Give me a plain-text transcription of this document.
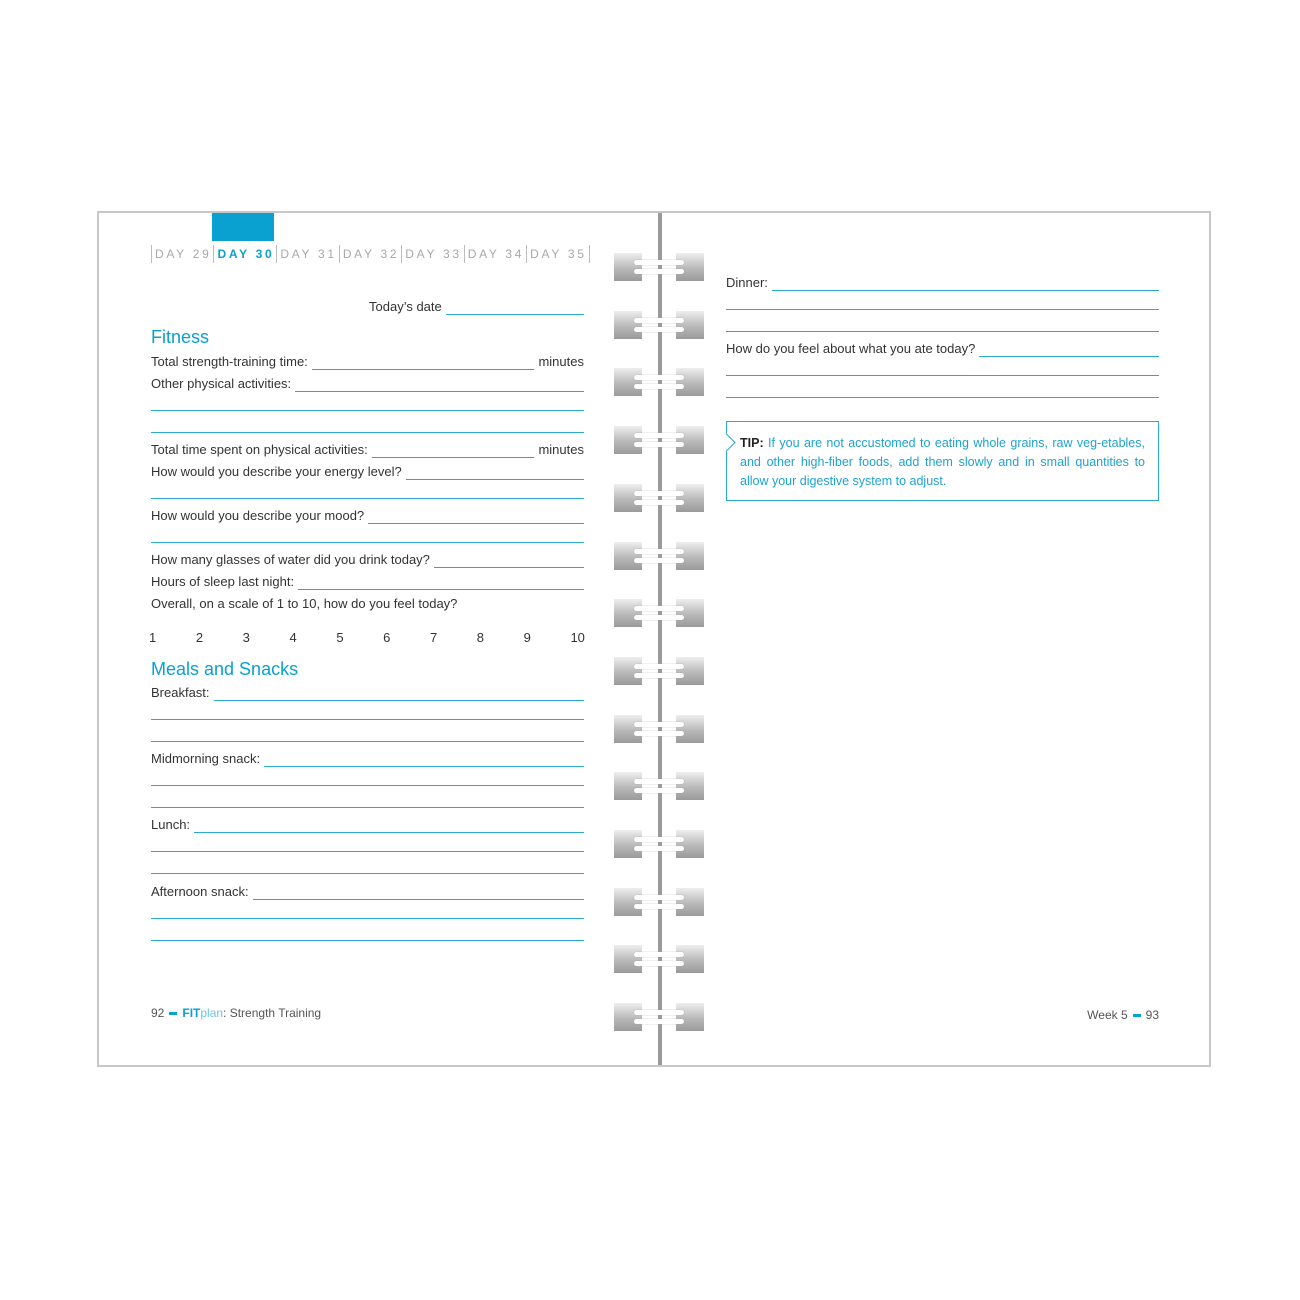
DAY 29 DAY 30 DAY 31 DAY 32 DAY 33 DAY 34 DAY 35
Today’s date
Fitness
Total strength-training time:	minutes
Other physical activities:
Total time spent on physical activities:	minutes
How would you describe your energy level?
How would you describe your mood?
How many glasses of water did you drink today?
Hours of sleep last night:
Overall, on a scale of 1 to 10, how do you feel today?
1	2	3	4	5	6	7	8	9	10
Meals and Snacks
Breakfast:
Midmorning snack:
Lunch:
Afternoon snack:
92 FITplan: Strength Training
Dinner:
How do you feel about what you ate today?
TIP: If you are not accustomed to eating whole grains, raw veg-etables, and other high-fiber foods, add them slowly and in small quantities to allow your digestive system to adjust.
Week 5 93
